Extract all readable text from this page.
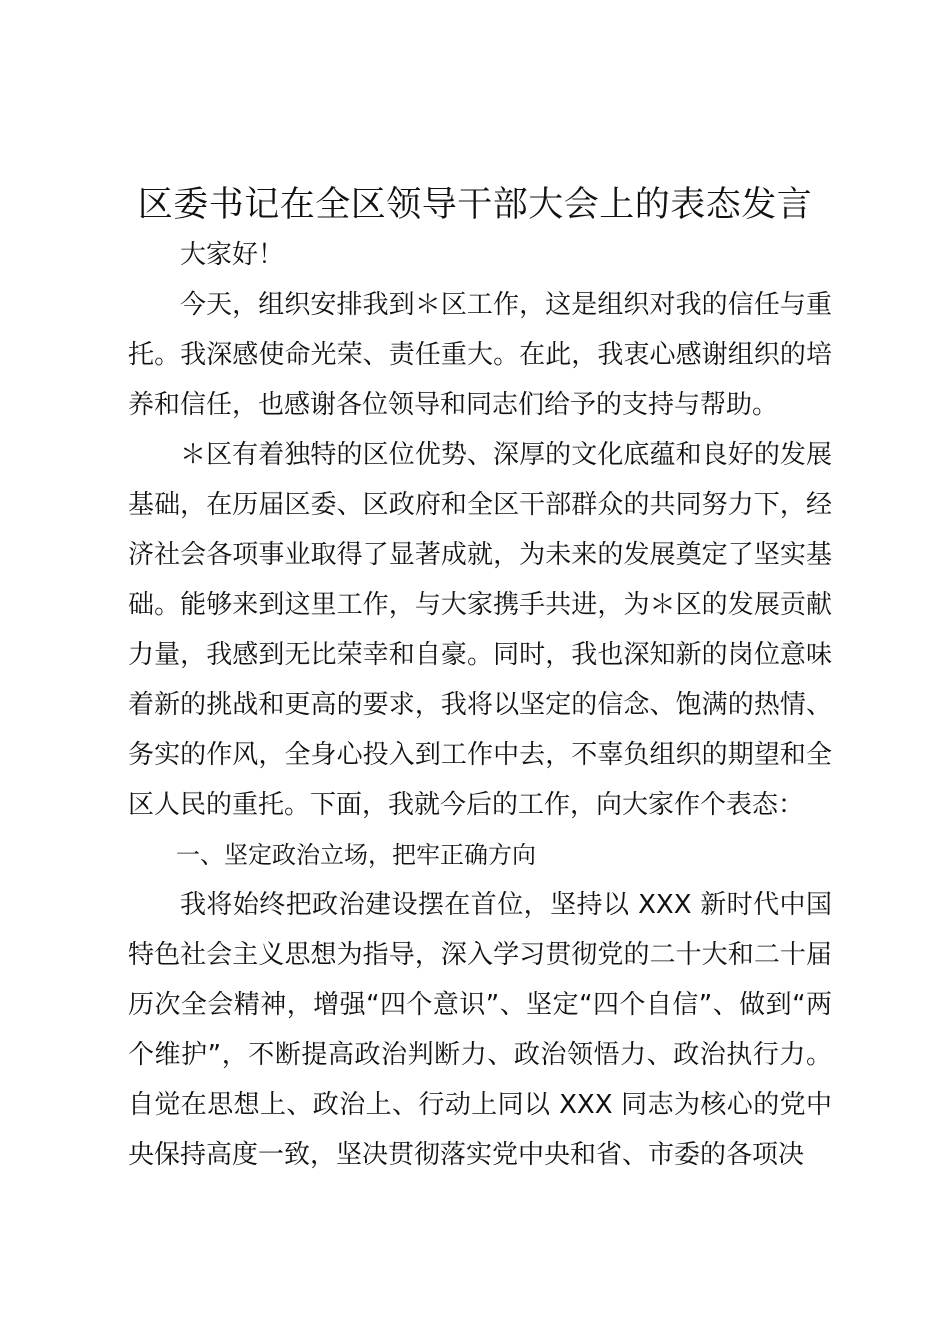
区委书记在全区领导干部大会上的表态发言

大家好！

今天，组织安排我到＊区工作，这是组织对我的信任与重托。我深感使命光荣、责任重大。在此，我衷心感谢组织的培养和信任，也感谢各位领导和同志们给予的支持与帮助。

＊区有着独特的区位优势、深厚的文化底蕴和良好的发展基础，在历届区委、区政府和全区干部群众的共同努力下，经济社会各项事业取得了显著成就，为未来的发展奠定了坚实基础。能够来到这里工作，与大家携手共进，为＊区的发展贡献力量，我感到无比荣幸和自豪。同时，我也深知新的岗位意味着新的挑战和更高的要求，我将以坚定的信念、饱满的热情、务实的作风，全身心投入到工作中去，不辜负组织的期望和全区人民的重托。下面，我就今后的工作，向大家作个表态：

一、坚定政治立场，把牢正确方向

我将始终把政治建设摆在首位，坚持以 XXX 新时代中国特色社会主义思想为指导，深入学习贯彻党的二十大和二十届历次全会精神，增强“四个意识”、坚定“四个自信”、做到“两个维护”，不断提高政治判断力、政治领悟力、政治执行力。自觉在思想上、政治上、行动上同以 XXX 同志为核心的党中央保持高度一致，坚决贯彻落实党中央和省、市委的各项决
